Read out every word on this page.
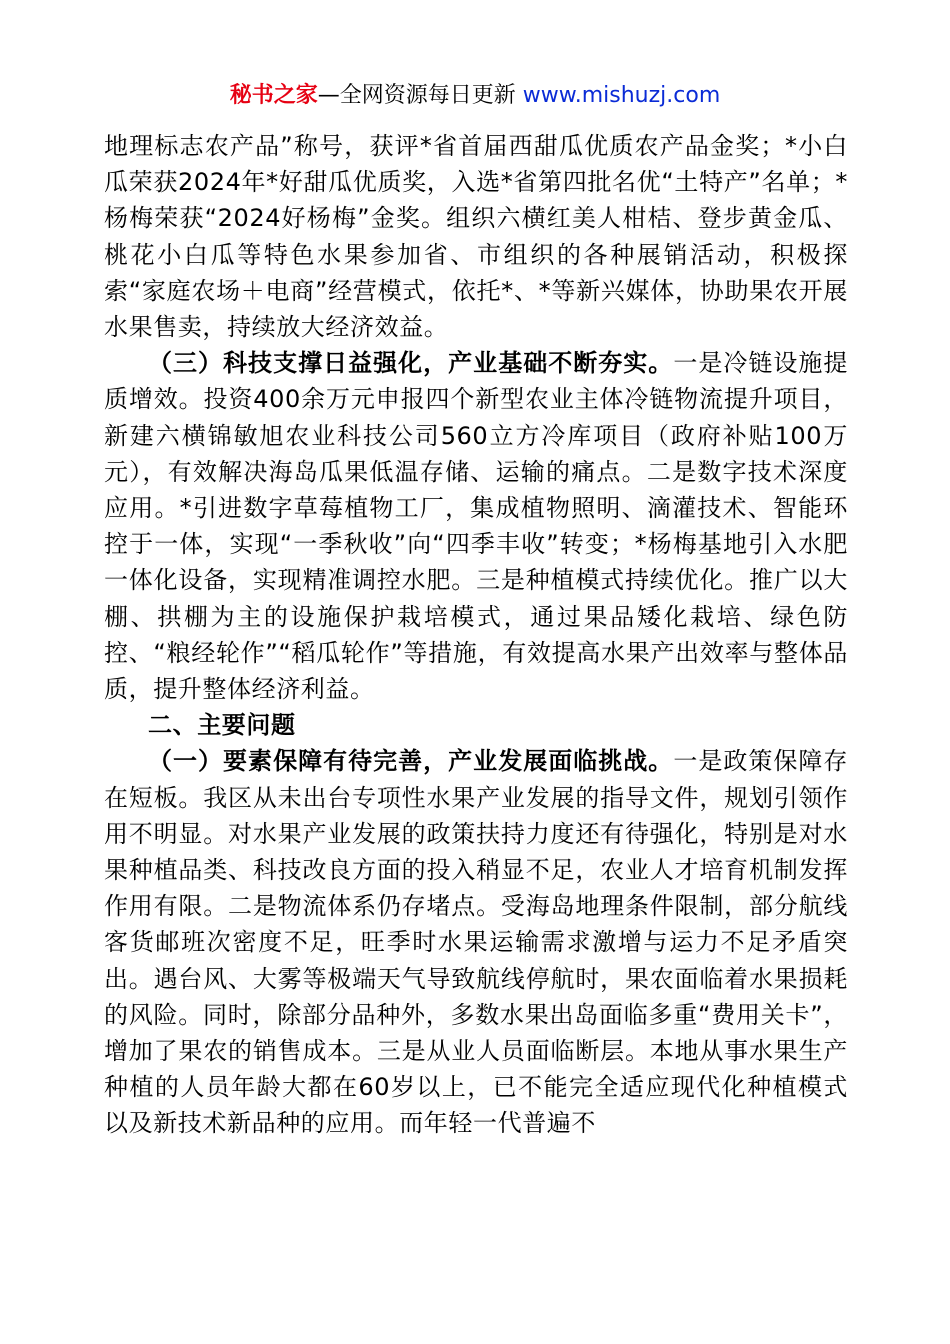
秘书之家—全网资源每日更新 www.mishuzj.com

地理标志农产品”称号，获评*省首届西甜瓜优质农产品金奖；*小白瓜荣获2024年*好甜瓜优质奖，入选*省第四批名优“土特产”名单；*杨梅荣获“2024好杨梅”金奖。组织六横红美人柑桔、登步黄金瓜、桃花小白瓜等特色水果参加省、市组织的各种展销活动，积极探索“家庭农场＋电商”经营模式，依托*、*等新兴媒体，协助果农开展水果售卖，持续放大经济效益。

（三）科技支撑日益强化，产业基础不断夯实。一是冷链设施提质增效。投资400余万元申报四个新型农业主体冷链物流提升项目，新建六横锦敏旭农业科技公司560立方冷库项目（政府补贴100万元），有效解决海岛瓜果低温存储、运输的痛点。二是数字技术深度应用。*引进数字草莓植物工厂，集成植物照明、滴灌技术、智能环控于一体，实现“一季秋收”向“四季丰收”转变；*杨梅基地引入水肥一体化设备，实现精准调控水肥。三是种植模式持续优化。推广以大棚、拱棚为主的设施保护栽培模式，通过果品矮化栽培、绿色防控、“粮经轮作”“稻瓜轮作”等措施，有效提高水果产出效率与整体品质，提升整体经济利益。

二、主要问题

（一）要素保障有待完善，产业发展面临挑战。一是政策保障存在短板。我区从未出台专项性水果产业发展的指导文件，规划引领作用不明显。对水果产业发展的政策扶持力度还有待强化，特别是对水果种植品类、科技改良方面的投入稍显不足，农业人才培育机制发挥作用有限。二是物流体系仍存堵点。受海岛地理条件限制，部分航线客货邮班次密度不足，旺季时水果运输需求激增与运力不足矛盾突出。遇台风、大雾等极端天气导致航线停航时，果农面临着水果损耗的风险。同时，除部分品种外，多数水果出岛面临多重“费用关卡”，增加了果农的销售成本。三是从业人员面临断层。本地从事水果生产种植的人员年龄大都在60岁以上，已不能完全适应现代化种植模式以及新技术新品种的应用。而年轻一代普遍不
